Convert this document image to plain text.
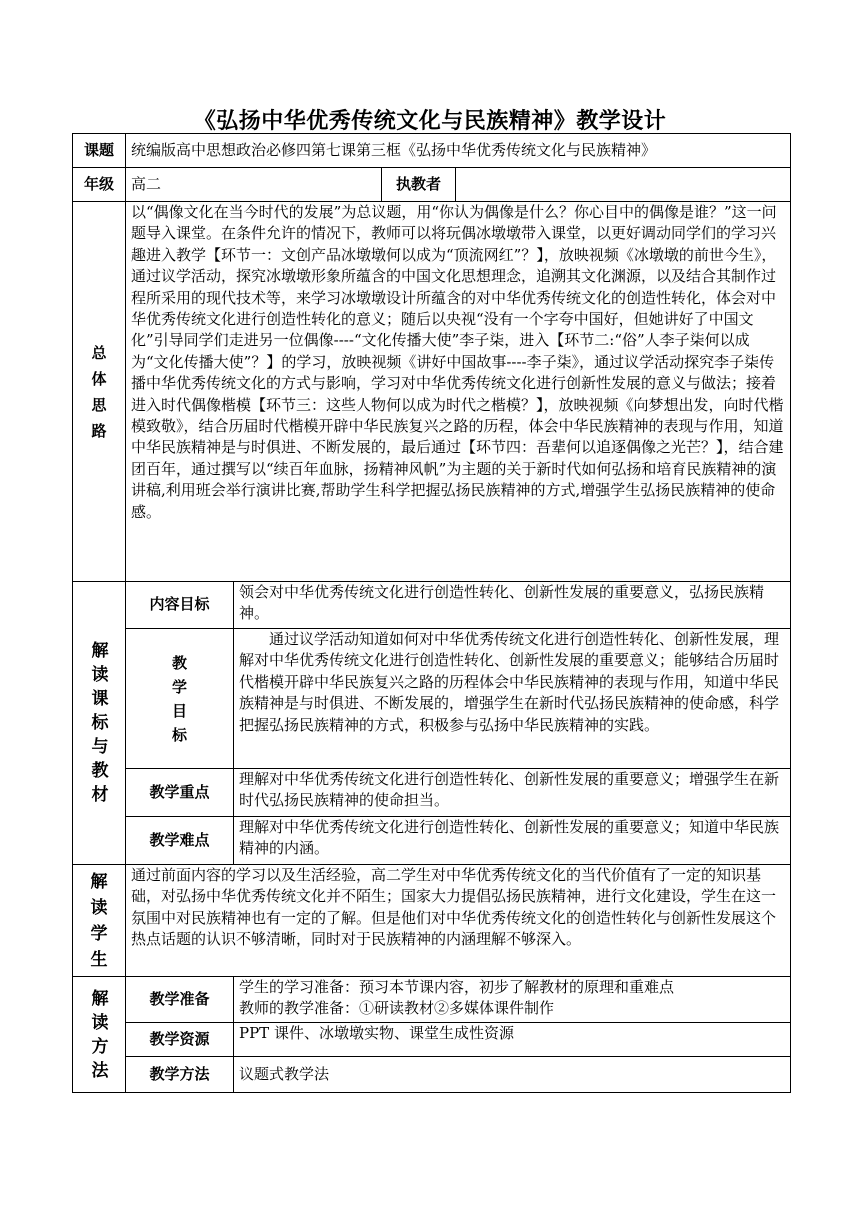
《弘扬中华优秀传统文化与民族精神》教学设计
课题	统编版高中思想政治必修四第七课第三框《弘扬中华优秀传统文化与民族精神》			
年级	高二		执教者	
总 体 思路	以“偶像文化在当今时代的发展”为总议题，用“你认为偶像是什么？你心目中的偶像是谁？”这一问题导入课堂。在条件允许的情况下，教师可以将玩偶冰墩墩带入课堂，以更好调动同学们的学习兴趣进入教学【环节一：文创产品冰墩墩何以成为“顶流网红”？】，放映视频《冰墩墩的前世今生》，通过议学活动，探究冰墩墩形象所蕴含的中国文化思想理念，追溯其文化渊源，以及结合其制作过程所采用的现代技术等，来学习冰墩墩设计所蕴含的对中华优秀传统文化的创造性转化，体会对中华优秀传统文化进行创造性转化的意义；随后以央视“没有一个字夸中国好，但她讲好了中国文化”引导同学们走进另一位偶像----“文化传播大使”李子柒，进入【环节二:“俗”人李子柒何以成为“文化传播大使”？】的学习，放映视频《讲好中国故事----李子柒》，通过议学活动探究李子柒传播中华优秀传统文化的方式与影响，学习对中华优秀传统文化进行创新性发展的意义与做法；接着进入时代偶像楷模【环节三：这些人物何以成为时代之楷模？】，放映视频《向梦想出发，向时代楷模致敬》，结合历届时代楷模开辟中华民族复兴之路的历程，体会中华民族精神的表现与作用，知道中华民族精神是与时俱进、不断发展的，最后通过【环节四：吾辈何以追逐偶像之光芒？】，结合建团百年，通过撰写以“续百年血脉，扬精神风帆”为主题的关于新时代如何弘扬和培育民族精神的演讲稿,利用班会举行演讲比赛,帮助学生科学把握弘扬民族精神的方式,增强学生弘扬民族精神的使命感。			
解读课标与教材	内容目标	领会对中华优秀传统文化进行创造性转化、创新性发展的重要意义，弘扬民族精神。		
	教学目标	通过议学活动知道如何对中华优秀传统文化进行创造性转化、创新性发展，理解对中华优秀传统文化进行创造性转化、创新性发展的重要意义；能够结合历届时代楷模开辟中华民族复兴之路的历程体会中华民族精神的表现与作用，知道中华民族精神是与时俱进、不断发展的，增强学生在新时代弘扬民族精神的使命感，科学把握弘扬民族精神的方式，积极参与弘扬中华民族精神的实践。		
	教学重点	理解对中华优秀传统文化进行创造性转化、创新性发展的重要意义；增强学生在新时代弘扬民族精神的使命担当。		
	教学难点	理解对中华优秀传统文化进行创造性转化、创新性发展的重要意义；知道中华民族精神的内涵。		
解读学生	通过前面内容的学习以及生活经验，高二学生对中华优秀传统文化的当代价值有了一定的知识基础，对弘扬中华优秀传统文化并不陌生；国家大力提倡弘扬民族精神，进行文化建设，学生在这一氛围中对民族精神也有一定的了解。但是他们对中华优秀传统文化的创造性转化与创新性发展这个热点话题的认识不够清晰，同时对于民族精神的内涵理解不够深入。			
解读方法	教学准备	学生的学习准备：预习本节课内容，初步了解教材的原理和重难点
教师的教学准备：①研读教材②多媒体课件制作		

	教学资源	PPT 课件、冰墩墩实物、课堂生成性资源		
	教学方法	议题式教学法		
